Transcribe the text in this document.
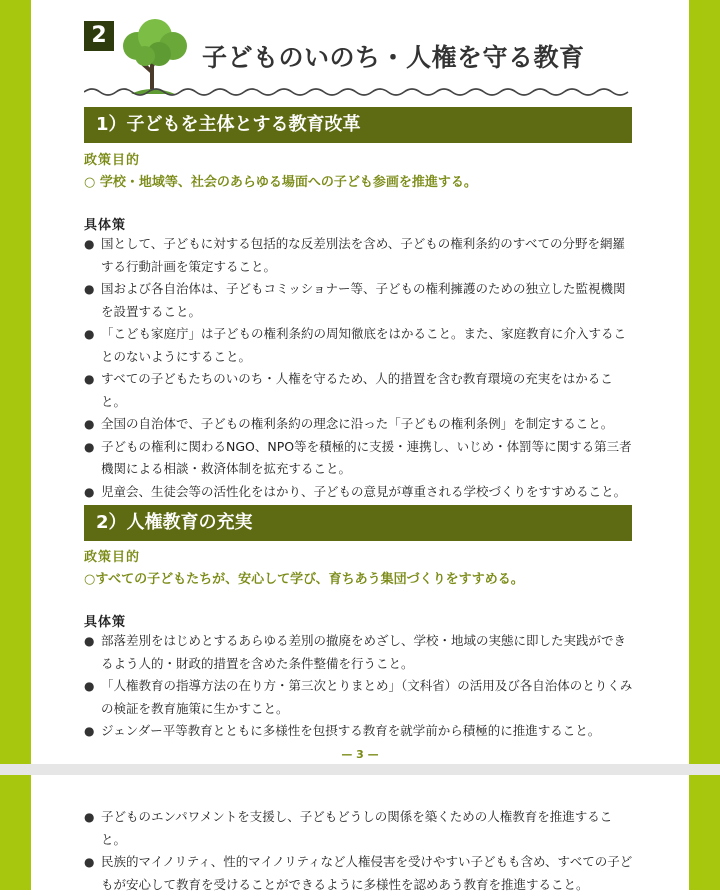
2
子どものいのち・人権を守る教育
1）子どもを主体とする教育改革
政策目的
○ 学校・地域等、社会のあらゆる場面への子ども参画を推進する。
具体策
● 国として、子どもに対する包括的な反差別法を含め、子どもの権利条約のすべての分野を網羅する行動計画を策定すること。
● 国および各自治体は、子どもコミッショナー等、子どもの権利擁護のための独立した監視機関を設置すること。
● 「こども家庭庁」は子どもの権利条約の周知徹底をはかること。また、家庭教育に介入することのないようにすること。
● すべての子どもたちのいのち・人権を守るため、人的措置を含む教育環境の充実をはかること。
● 全国の自治体で、子どもの権利条約の理念に沿った「子どもの権利条例」を制定すること。
● 子どもの権利に関わるNGO、NPO等を積極的に支援・連携し、いじめ・体罰等に関する第三者機関による相談・救済体制を拡充すること。
● 児童会、生徒会等の活性化をはかり、子どもの意見が尊重される学校づくりをすすめること。
2）人権教育の充実
政策目的
○すべての子どもたちが、安心して学び、育ちあう集団づくりをすすめる。
具体策
● 部落差別をはじめとするあらゆる差別の撤廃をめざし、学校・地域の実態に即した実践ができるよう人的・財政的措置を含めた条件整備を行うこと。
● 「人権教育の指導方法の在り方・第三次とりまとめ」（文科省）の活用及び各自治体のとりくみの検証を教育施策に生かすこと。
● ジェンダー平等教育とともに多様性を包摂する教育を就学前から積極的に推進すること。
— 3 —
● 子どものエンパワメントを支援し、子どもどうしの関係を築くための人権教育を推進すること。
● 民族的マイノリティ、性的マイノリティなど人権侵害を受けやすい子どもも含め、すべての子どもが安心して教育を受けることができるように多様性を認めあう教育を推進すること。
